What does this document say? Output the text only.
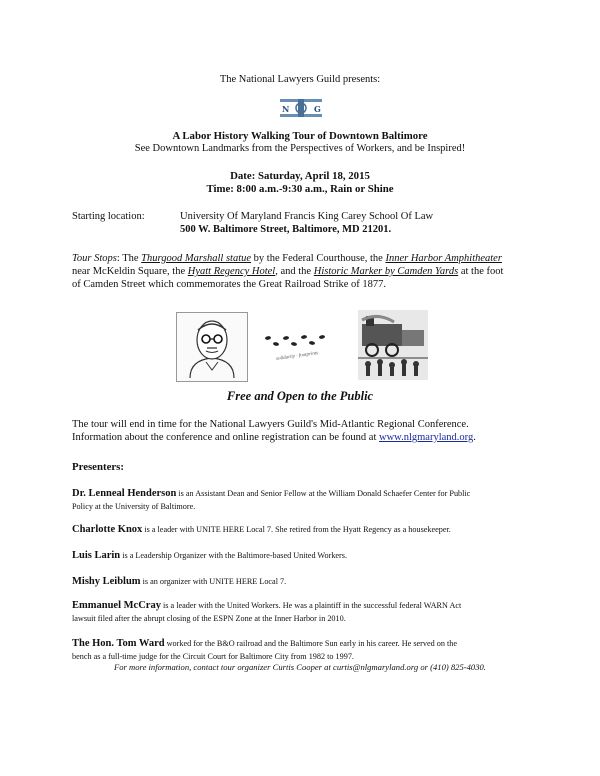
The National Lawyers Guild presents:
N	G
A Labor History Walking Tour of Downtown Baltimore
See Downtown Landmarks from the Perspectives of Workers, and be Inspired!
Date: Saturday, April 18, 2015
Time: 8:00 a.m.-9:30 a.m., Rain or Shine
Starting location:	University Of Maryland Francis King Carey School Of Law
500 W. Baltimore Street, Baltimore, MD 21201.
Tour Stops: The Thurgood Marshall statue by the Federal Courthouse, the Inner Harbor Amphitheater
near McKeldin Square, the Hyatt Regency Hotel, and the Historic Marker by Camden Yards at the foot
of Camden Street which commemorates the Great Railroad Strike of 1877.
solidarity · footprints
Free and Open to the Public
The tour will end in time for the National Lawyers Guild's Mid-Atlantic Regional Conference.
Information about the conference and online registration can be found at www.nlgmaryland.org.
Presenters:
Dr. Lenneal Henderson is an Assistant Dean and Senior Fellow at the William Donald Schaefer Center for Public
Policy at the University of Baltimore.
Charlotte Knox is a leader with UNITE HERE Local 7. She retired from the Hyatt Regency as a housekeeper.
Luis Larin is a Leadership Organizer with the Baltimore-based United Workers.
Mishy Leiblum is an organizer with UNITE HERE Local 7.
Emmanuel McCray is a leader with the United Workers. He was a plaintiff in the successful federal WARN Act
lawsuit filed after the abrupt closing of the ESPN Zone at the Inner Harbor in 2010.
The Hon. Tom Ward worked for the B&O railroad and the Baltimore Sun early in his career. He served on the
bench as a full-time judge for the Circuit Court for Baltimore City from 1982 to 1997.
For more information, contact tour organizer Curtis Cooper at curtis@nlgmaryland.org or (410) 825-4030.
